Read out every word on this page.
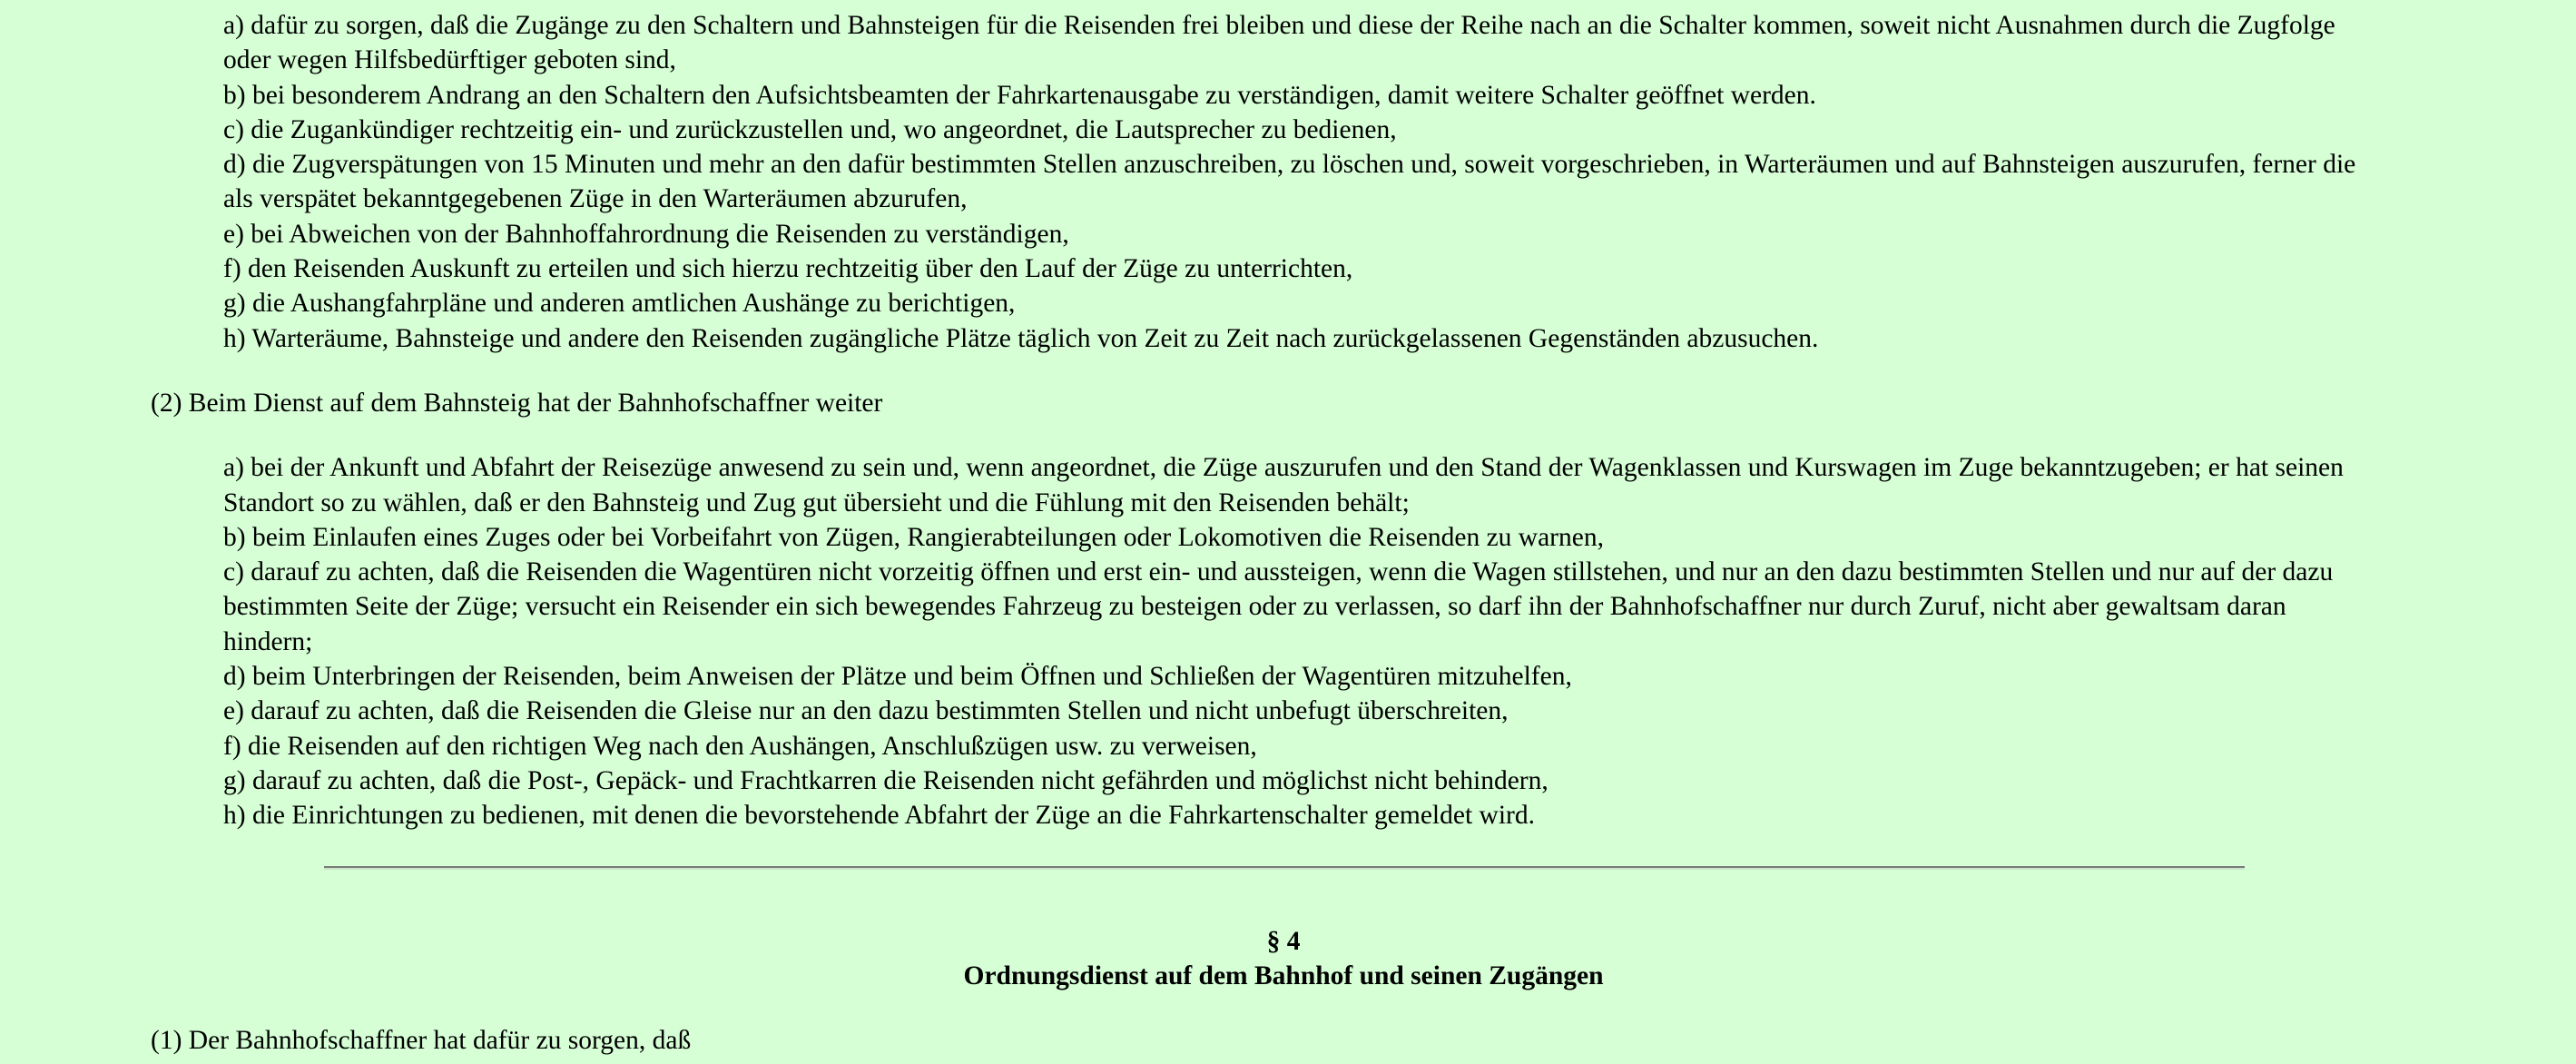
a) dafür zu sorgen, daß die Zugänge zu den Schaltern und Bahnsteigen für die Reisenden frei bleiben und diese der Reihe nach an die Schalter kommen, soweit nicht Ausnahmen durch die Zugfolge oder wegen Hilfsbedürftiger geboten sind,
b) bei besonderem Andrang an den Schaltern den Aufsichtsbeamten der Fahrkartenausgabe zu verständigen, damit weitere Schalter geöffnet werden.
c) die Zugankündiger rechtzeitig ein- und zurückzustellen und, wo angeordnet, die Lautsprecher zu bedienen,
d) die Zugverspätungen von 15 Minuten und mehr an den dafür bestimmten Stellen anzuschreiben, zu löschen und, soweit vorgeschrieben, in Warteräumen und auf Bahnsteigen auszurufen, ferner die als verspätet bekanntgegebenen Züge in den Warteräumen abzurufen,
e) bei Abweichen von der Bahnhoffahrordnung die Reisenden zu verständigen,
f) den Reisenden Auskunft zu erteilen und sich hierzu rechtzeitig über den Lauf der Züge zu unterrichten,
g) die Aushangfahrpläne und anderen amtlichen Aushänge zu berichtigen,
h) Warteräume, Bahnsteige und andere den Reisenden zugängliche Plätze täglich von Zeit zu Zeit nach zurückgelassenen Gegenständen abzusuchen.

(2) Beim Dienst auf dem Bahnsteig hat der Bahnhofschaffner weiter

a) bei der Ankunft und Abfahrt der Reisezüge anwesend zu sein und, wenn angeordnet, die Züge auszurufen und den Stand der Wagenklassen und Kurswagen im Zuge bekanntzugeben; er hat seinen Standort so zu wählen, daß er den Bahnsteig und Zug gut übersieht und die Fühlung mit den Reisenden behält;
b) beim Einlaufen eines Zuges oder bei Vorbeifahrt von Zügen, Rangierabteilungen oder Lokomotiven die Reisenden zu warnen,
c) darauf zu achten, daß die Reisenden die Wagentüren nicht vorzeitig öffnen und erst ein- und aussteigen, wenn die Wagen stillstehen, und nur an den dazu bestimmten Stellen und nur auf der dazu bestimmten Seite der Züge; versucht ein Reisender ein sich bewegendes Fahrzeug zu besteigen oder zu verlassen, so darf ihn der Bahnhofschaffner nur durch Zuruf, nicht aber gewaltsam daran hindern;
d) beim Unterbringen der Reisenden, beim Anweisen der Plätze und beim Öffnen und Schließen der Wagentüren mitzuhelfen,
e) darauf zu achten, daß die Reisenden die Gleise nur an den dazu bestimmten Stellen und nicht unbefugt überschreiten,
f) die Reisenden auf den richtigen Weg nach den Aushängen, Anschlußzügen usw. zu verweisen,
g) darauf zu achten, daß die Post-, Gepäck- und Frachtkarren die Reisenden nicht gefährden und möglichst nicht behindern,
h) die Einrichtungen zu bedienen, mit denen die bevorstehende Abfahrt der Züge an die Fahrkartenschalter gemeldet wird.
§ 4
Ordnungsdienst auf dem Bahnhof und seinen Zugängen

(1) Der Bahnhofschaffner hat dafür zu sorgen, daß
